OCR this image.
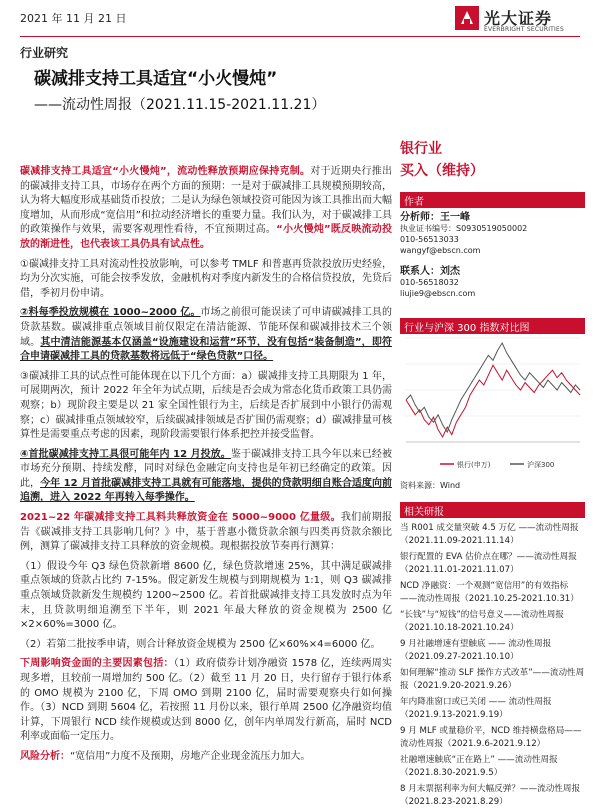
2021 年 11 月 21 日	光大证券
EVERBRIGHT SECURITIES
行业研究
碳减排支持工具适宜“小火慢炖”
——流动性周报（2021.11.15-2021.11.21）

碳减排支持工具适宜“小火慢炖”，流动性释放预期应保持克制。对于近期央行推出的碳减排支持工具，市场存在两个方面的预期：一是对于碳减排工具规模预期较高，认为将大幅度形成基础货币投放；二是认为绿色领域投资可能因为该工具推出而大幅度增加，从而形成“宽信用”和拉动经济增长的重要力量。我们认为，对于碳减排工具的政策操作与效果，需要客观理性看待，不宜预期过高。“小火慢炖”既反映流动投放的渐进性，也代表该工具仍具有试点性。

①碳减排支持工具对流动性投放影响，可以参考 TMLF 和普惠再贷款投放历史经验，均为分次实施，可能会按季发放，金融机构对季度内新发生的合格信贷投放，先贷后借，季初月份申请。

②料每季投放规模在 1000~2000 亿。市场之前很可能误读了可申请碳减排工具的贷款基数。碳减排重点领域目前仅限定在清洁能源、节能环保和碳减排技术三个领域。其中清洁能源基本仅涵盖“设施建设和运营”环节，没有包括“装备制造”，即符合申请碳减排工具的贷款基数将远低于“绿色贷款”口径。

③碳减排工具的试点性可能体现在以下几个方面：a）碳减排支持工具期限为 1 年，可展期两次，预计 2022 年全年为试点期，后续是否会成为常态化货币政策工具仍需观察；b）现阶段主要是以 21 家全国性银行为主，后续是否扩展到中小银行仍需观察；c）碳减排重点领域较窄，后续碳减排领域是否扩围仍需观察；d）碳减排量可核算性是需要重点考虑的因素，现阶段需要银行体系把控并接受监督。

④首批碳减排支持工具很可能年内 12 月投放。鉴于碳减排支持工具今年以来已经被市场充分预期、持续发酵，同时对绿色金融定向支持也是年初已经确定的政策。因此，今年 12 月首批碳减排支持工具就有可能落地，提供的贷款明细自账合适度向前追溯，进入 2022 年再转入每季操作。

2021~22 年碳减排支持工具料共释放资金在 5000~9000 亿量级。我们前期报告《碳减排支持工具影响几何？》中，基于普惠小微贷款余额与四类再贷款余额比例，测算了碳减排支持工具释放的资金规模。现根据投放节奏再行测算：

（1）假设今年 Q3 绿色贷款新增 8600 亿，绿色贷款增速 25%，其中满足碳减排重点领域的贷款占比约 7-15%。假定新发生规模与到期规模为 1:1，则 Q3 碳减排重点领域贷款新发生规模约 1200~2500 亿。若首批碳减排支持工具发放时点为年末，且贷款明细追溯至下半年，则 2021 年最大释放的资金规模为 2500 亿×2×60%=3000 亿。

（2）若第二批按季申请，则合计释放资金规模为 2500 亿×60%×4=6000 亿。

下周影响资金面的主要因素包括：（1）政府债券计划净融资 1578 亿，连续两周实现多增，且较前一周增加约 500 亿。（2）截至 11 月 20 日，央行留存于银行体系的 OMO 规模为 2100 亿，下周 OMO 到期 2100 亿，届时需要观察央行如何操作。（3）NCD 到期 5604 亿，若按照 11 月份以来，银行单周 2500 亿净融资均值计算，下周银行 NCD 续作规模或达到 8000 亿，创年内单周发行新高，届时 NCD 利率或面临一定压力。

风险分析：“宽信用”力度不及预期，房地产企业现金流压力加大。

银行业
买入（维持）
作者
分析师：王一峰
执业证书编号：S0930519050002
010-56513033
wangyf@ebscn.com
联系人：刘杰
010-56518032
liujie9@ebscn.com
行业与沪深 300 指数对比图
银行(申万)	沪深300
资料来源：Wind
相关研报
当 R001 成交量突破 4.5 万亿 ——流动性周报（2021.11.09-2021.11.14）
银行配置的 EVA 估价点在哪？——流动性周报（2021.11.01-2021.11.07）
NCD 净融资：一个观测“宽信用”的有效指标——流动性周报（2021.10.25-2021.10.31）
“长钱”与“短钱”的信号意义——流动性周报（2021.10.18-2021.10.24）
9 月社融增速有望触底 —— 流动性周报（2021.09.27-2021.10.10）
如何理解“推动 SLF 操作方式改革”——流动性周报（2021.9.20-2021.9.26）
年内降准窗口或已关闭 —— 流动性周报（2021.9.13-2021.9.19）
9 月 MLF 或量稳价平，NCD 维持横盘格局——流动性周报（2021.9.6-2021.9.12）
社融增速触底“正在路上” ——流动性周报（2021.8.30-2021.9.5）
8 月末票据利率为何大幅反弹？——流动性周报（2021.8.23-2021.8.29）
